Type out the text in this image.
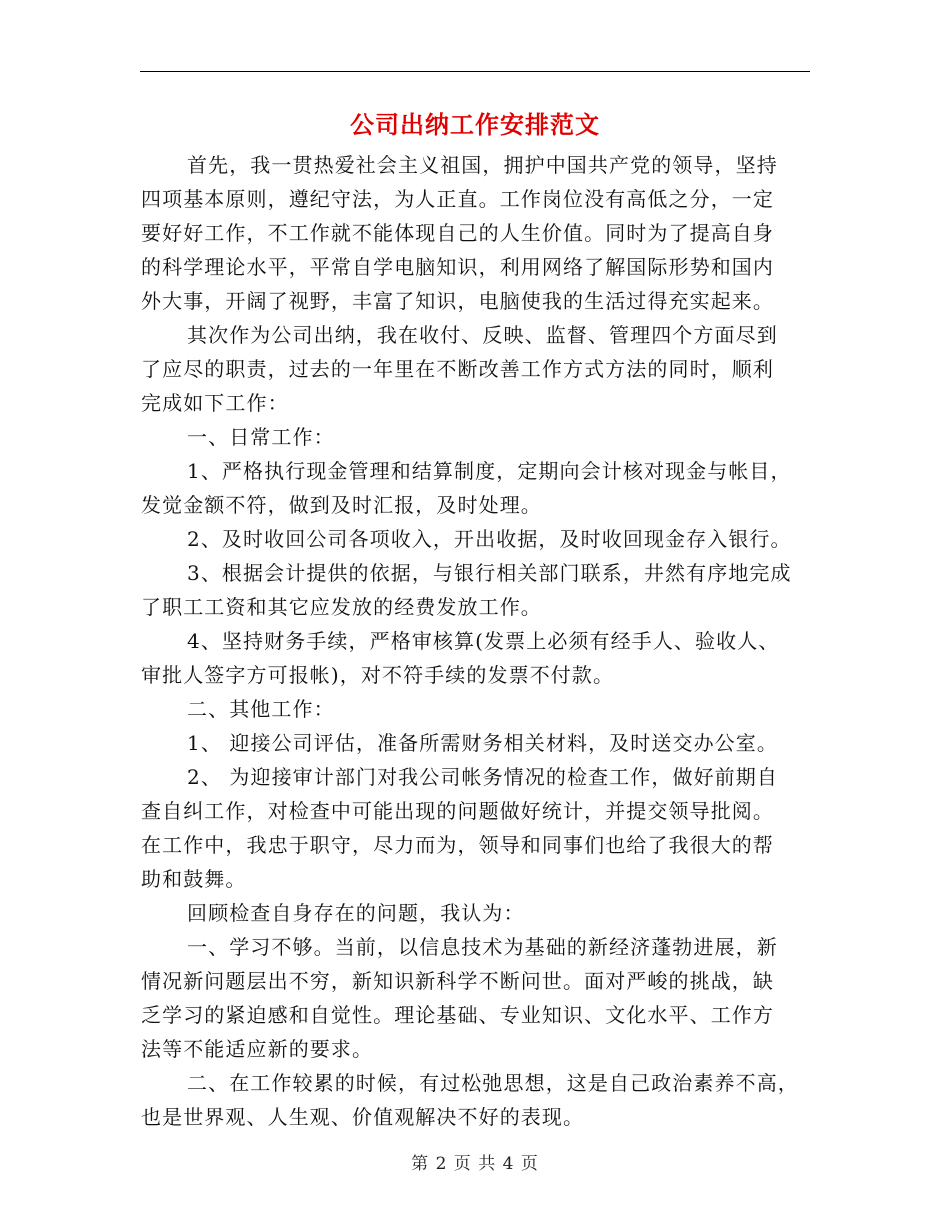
公司出纳工作安排范文
首先，我一贯热爱社会主义祖国，拥护中国共产党的领导，坚持
四项基本原则，遵纪守法，为人正直。工作岗位没有高低之分，一定
要好好工作，不工作就不能体现自己的人生价值。同时为了提高自身
的科学理论水平，平常自学电脑知识，利用网络了解国际形势和国内
外大事，开阔了视野，丰富了知识，电脑使我的生活过得充实起来。
其次作为公司出纳，我在收付、反映、监督、管理四个方面尽到
了应尽的职责，过去的一年里在不断改善工作方式方法的同时，顺利
完成如下工作：
一、日常工作：
1、严格执行现金管理和结算制度，定期向会计核对现金与帐目，
发觉金额不符，做到及时汇报，及时处理。
2、及时收回公司各项收入，开出收据，及时收回现金存入银行。
3、根据会计提供的依据，与银行相关部门联系，井然有序地完成
了职工工资和其它应发放的经费发放工作。
4、坚持财务手续，严格审核算(发票上必须有经手人、验收人、
审批人签字方可报帐)，对不符手续的发票不付款。
二、其他工作：
1、 迎接公司评估，准备所需财务相关材料，及时送交办公室。
2、 为迎接审计部门对我公司帐务情况的检查工作，做好前期自
查自纠工作，对检查中可能出现的问题做好统计，并提交领导批阅。
在工作中，我忠于职守，尽力而为，领导和同事们也给了我很大的帮
助和鼓舞。
回顾检查自身存在的问题，我认为：
一、学习不够。当前，以信息技术为基础的新经济蓬勃进展，新
情况新问题层出不穷，新知识新科学不断问世。面对严峻的挑战，缺
乏学习的紧迫感和自觉性。理论基础、专业知识、文化水平、工作方
法等不能适应新的要求。
二、在工作较累的时候，有过松弛思想，这是自己政治素养不高，
也是世界观、人生观、价值观解决不好的表现。
第 2 页 共 4 页
